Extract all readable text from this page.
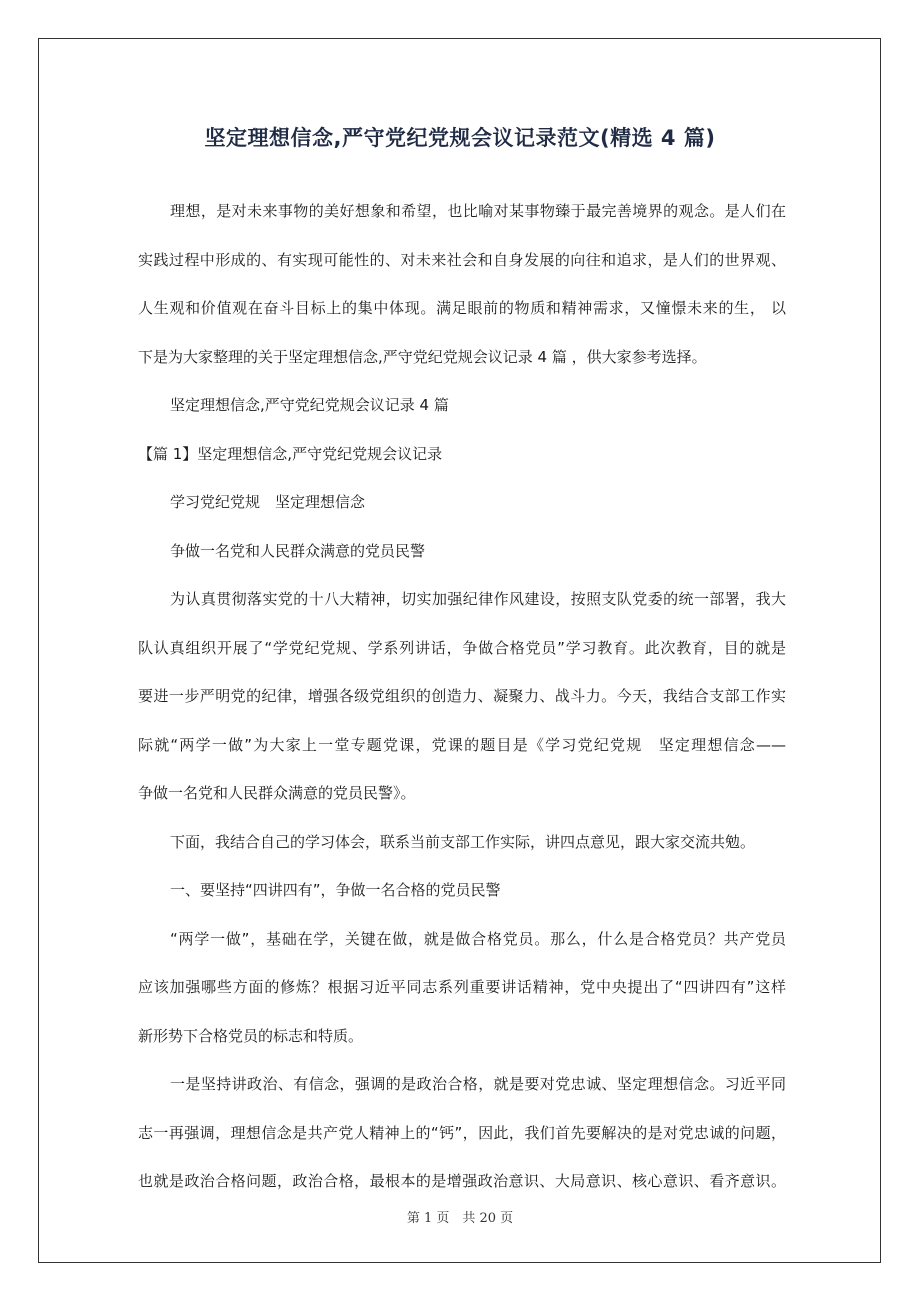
坚定理想信念,严守党纪党规会议记录范文(精选 4 篇)
理想，是对未来事物的美好想象和希望，也比喻对某事物臻于最完善境界的观念。是人们在
实践过程中形成的、有实现可能性的、对未来社会和自身发展的向往和追求，是人们的世界观、
人生观和价值观在奋斗目标上的集中体现。满足眼前的物质和精神需求，又憧憬未来的生， 以
下是为大家整理的关于坚定理想信念,严守党纪党规会议记录 4 篇 ，供大家参考选择。
坚定理想信念,严守党纪党规会议记录 4 篇
【篇 1】坚定理想信念,严守党纪党规会议记录
学习党纪党规　坚定理想信念
争做一名党和人民群众满意的党员民警
为认真贯彻落实党的十八大精神，切实加强纪律作风建设，按照支队党委的统一部署，我大
队认真组织开展了“学党纪党规、学系列讲话，争做合格党员”学习教育。此次教育，目的就是
要进一步严明党的纪律，增强各级党组织的创造力、凝聚力、战斗力。今天，我结合支部工作实
际就“两学一做”为大家上一堂专题党课，党课的题目是《学习党纪党规　坚定理想信念——
争做一名党和人民群众满意的党员民警》。
下面，我结合自己的学习体会，联系当前支部工作实际，讲四点意见，跟大家交流共勉。
一、要坚持“四讲四有”，争做一名合格的党员民警
“两学一做”，基础在学，关键在做，就是做合格党员。那么，什么是合格党员？共产党员
应该加强哪些方面的修炼？根据习近平同志系列重要讲话精神，党中央提出了“四讲四有”这样
新形势下合格党员的标志和特质。
一是坚持讲政治、有信念，强调的是政治合格，就是要对党忠诚、坚定理想信念。习近平同
志一再强调，理想信念是共产党人精神上的“钙”，因此，我们首先要解决的是对党忠诚的问题，
也就是政治合格问题，政治合格，最根本的是增强政治意识、大局意识、核心意识、看齐意识。
第 1 页　共 20 页
